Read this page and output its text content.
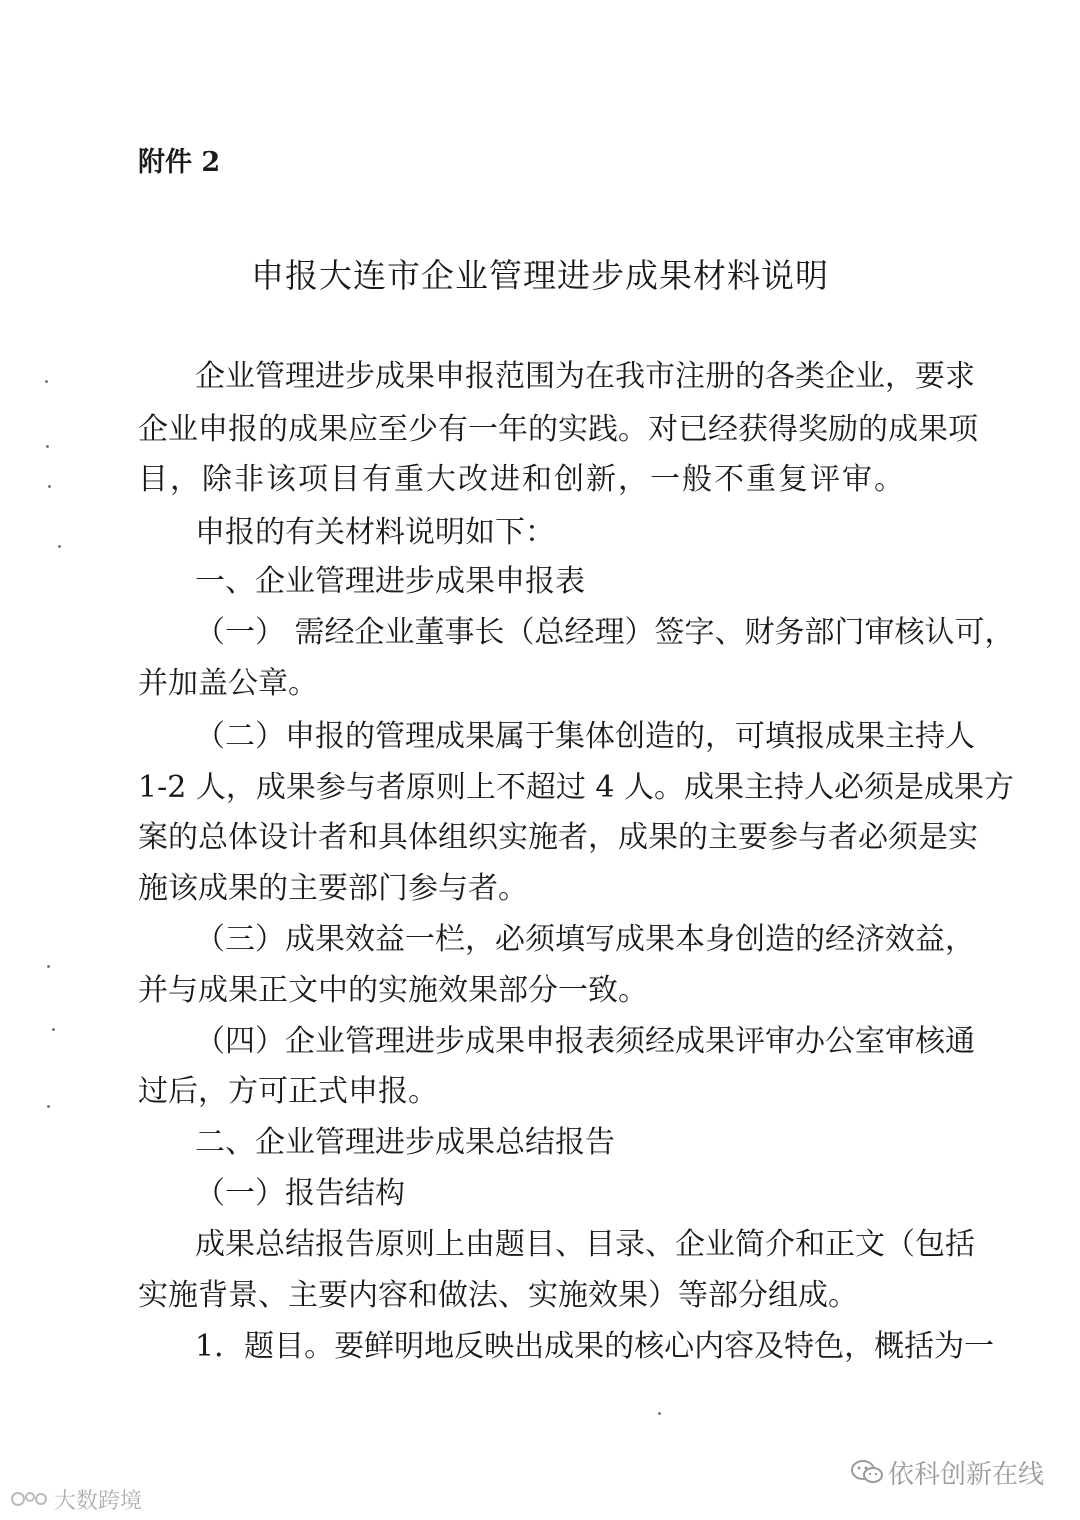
附件 2
申报大连市企业管理进步成果材料说明
企业管理进步成果申报范围为在我市注册的各类企业，要求
企业申报的成果应至少有一年的实践。对已经获得奖励的成果项
目，除非该项目有重大改进和创新，一般不重复评审。
申报的有关材料说明如下：
一、企业管理进步成果申报表
（一） 需经企业董事长（总经理）签字、财务部门审核认可，
并加盖公章。
（二）申报的管理成果属于集体创造的，可填报成果主持人
1-2 人，成果参与者原则上不超过 4 人。成果主持人必须是成果方
案的总体设计者和具体组织实施者，成果的主要参与者必须是实
施该成果的主要部门参与者。
（三）成果效益一栏，必须填写成果本身创造的经济效益，
并与成果正文中的实施效果部分一致。
（四）企业管理进步成果申报表须经成果评审办公室审核通
过后，方可正式申报。
二、企业管理进步成果总结报告
（一）报告结构
成果总结报告原则上由题目、目录、企业简介和正文（包括
实施背景、主要内容和做法、实施效果）等部分组成。
1．题目。要鲜明地反映出成果的核心内容及特色，概括为一
大数跨境
依科创新在线
